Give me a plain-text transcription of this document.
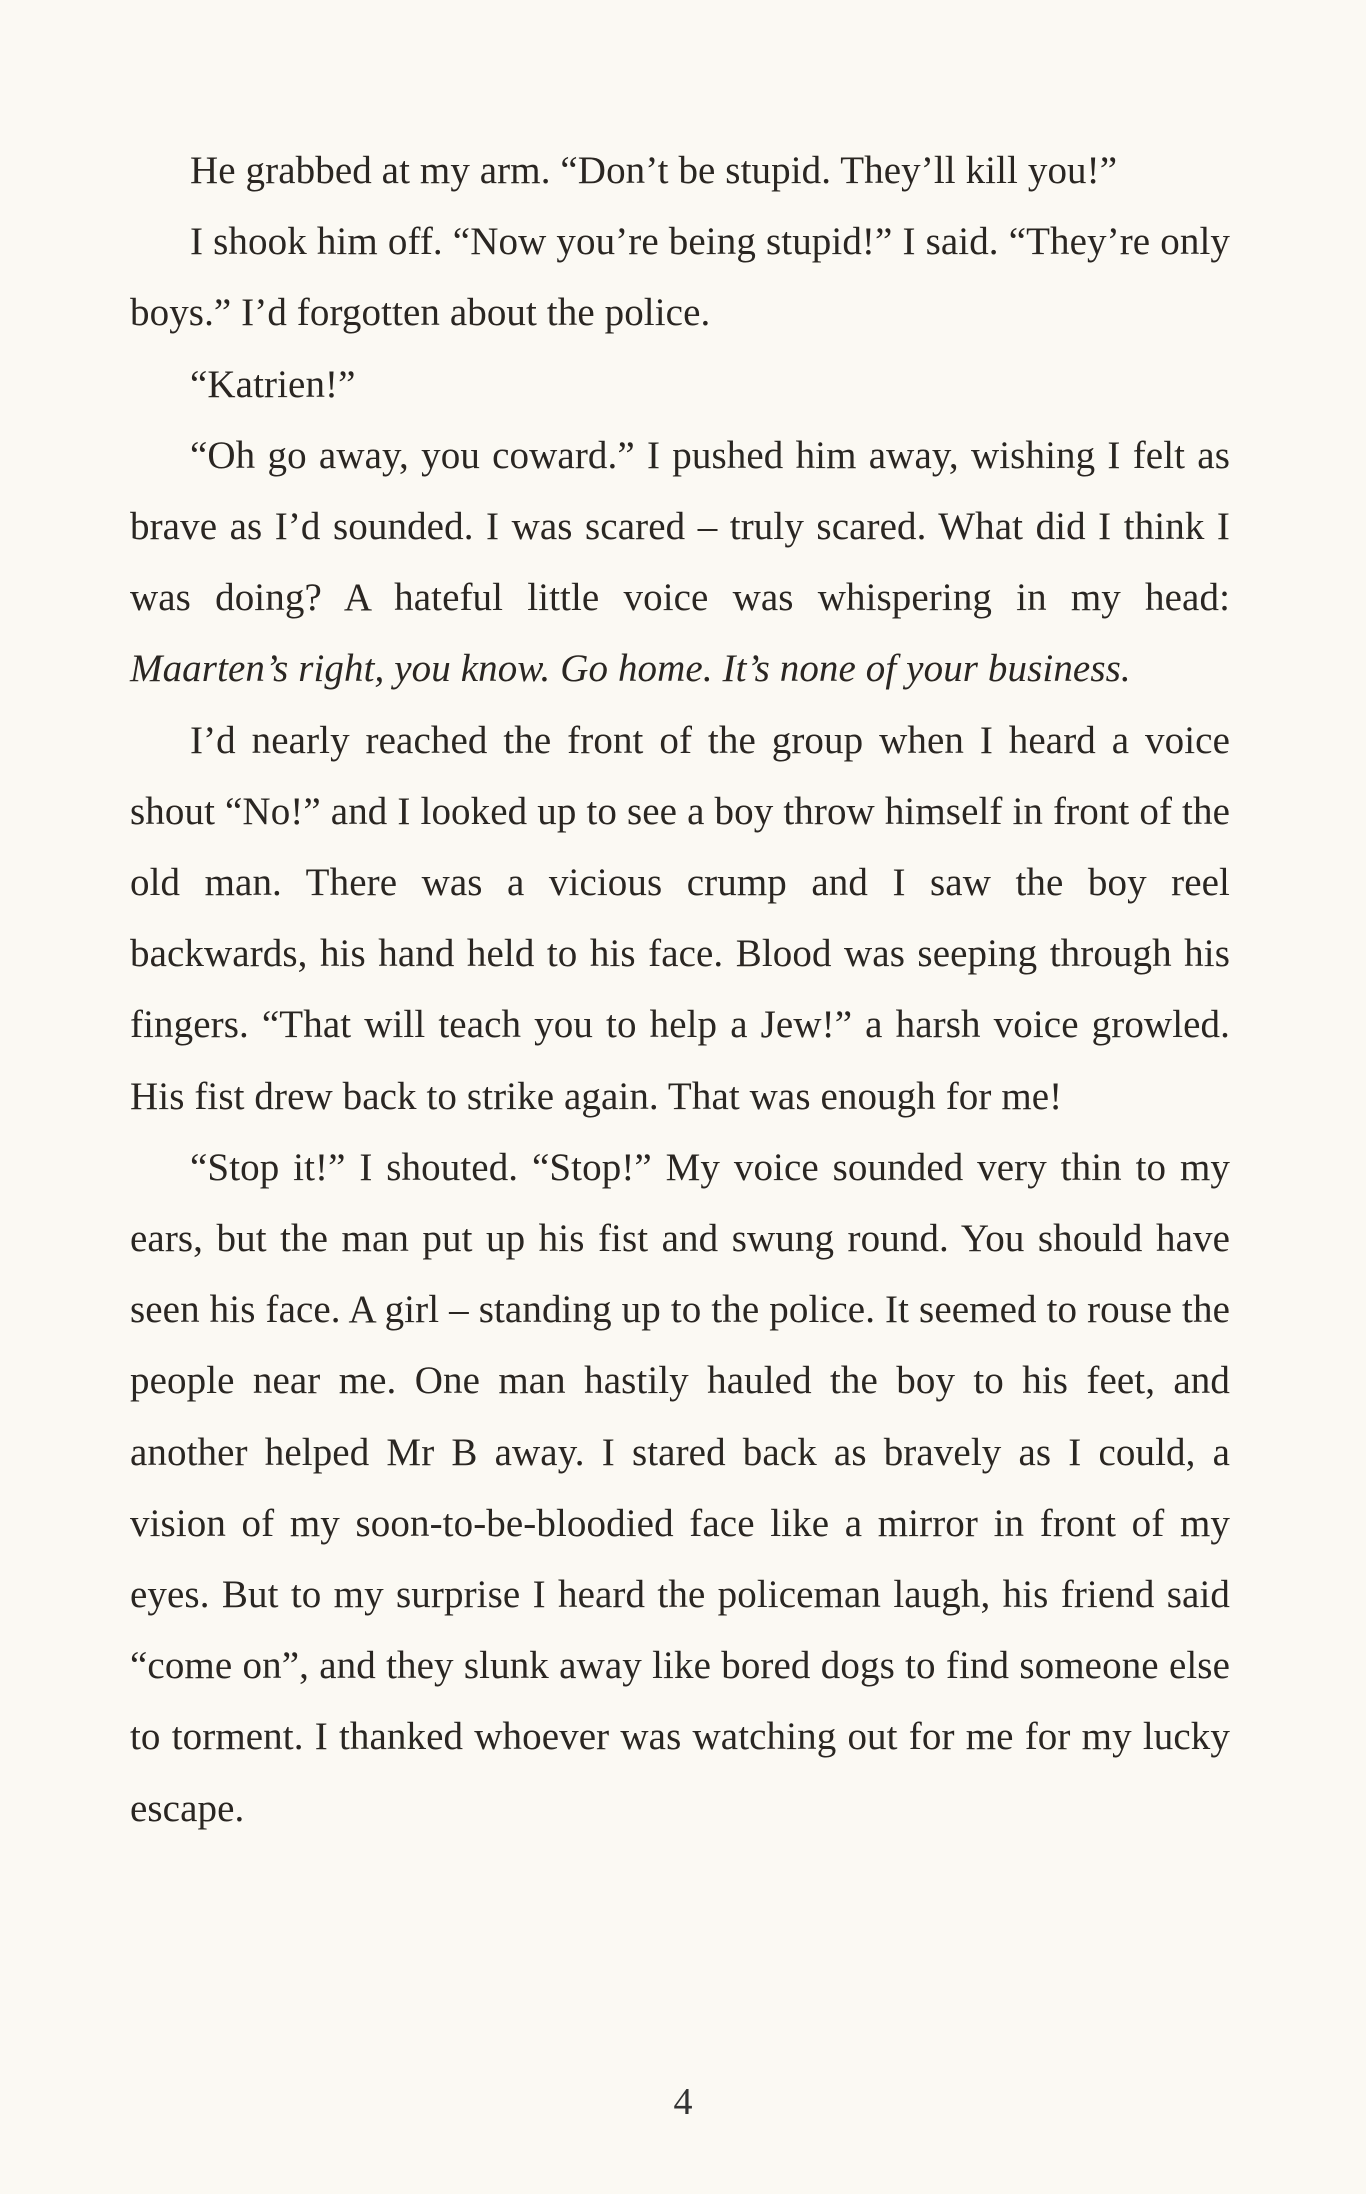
He grabbed at my arm. “Don’t be stupid. They’ll kill you!”

I shook him off. “Now you’re being stupid!” I said. “They’re only boys.” I’d forgotten about the police.

“Katrien!”

“Oh go away, you coward.” I pushed him away, wishing I felt as brave as I’d sounded. I was scared – truly scared. What did I think I was doing? A hateful little voice was whispering in my head: Maarten’s right, you know. Go home. It’s none of your business.

I’d nearly reached the front of the group when I heard a voice shout “No!” and I looked up to see a boy throw himself in front of the old man. There was a vicious crump and I saw the boy reel backwards, his hand held to his face. Blood was seeping through his fingers. “That will teach you to help a Jew!” a harsh voice growled. His fist drew back to strike again. That was enough for me!

“Stop it!” I shouted. “Stop!” My voice sounded very thin to my ears, but the man put up his fist and swung round. You should have seen his face. A girl – standing up to the police. It seemed to rouse the people near me. One man hastily hauled the boy to his feet, and another helped Mr B away. I stared back as bravely as I could, a vision of my soon-to-be-bloodied face like a mirror in front of my eyes. But to my surprise I heard the policeman laugh, his friend said “come on”, and they slunk away like bored dogs to find someone else to torment. I thanked whoever was watching out for me for my lucky escape.

4
